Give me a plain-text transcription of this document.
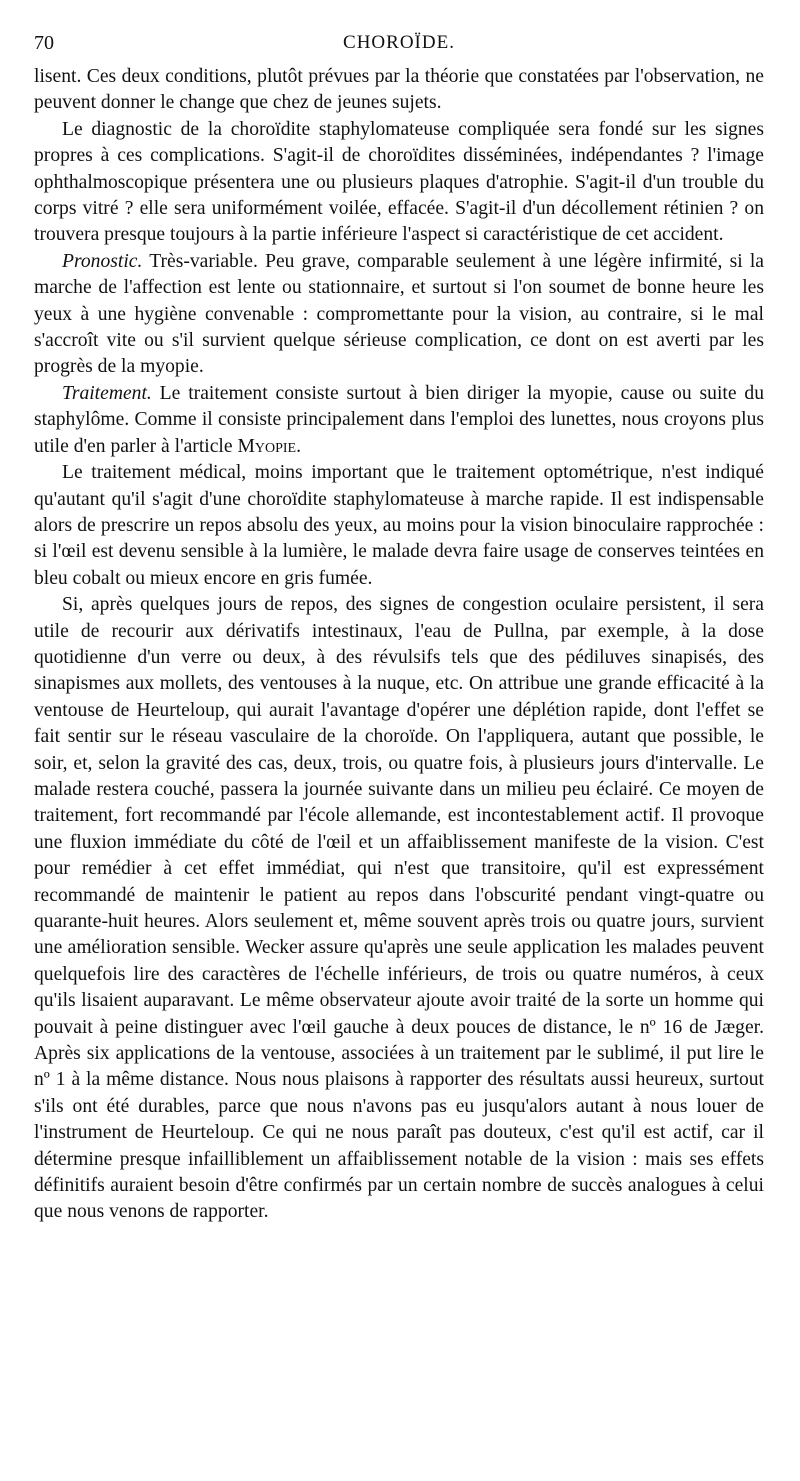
70	CHOROÏDE.

lisent. Ces deux conditions, plutôt prévues par la théorie que constatées par l'observation, ne peuvent donner le change que chez de jeunes sujets.

Le diagnostic de la choroïdite staphylomateuse compliquée sera fondé sur les signes propres à ces complications. S'agit-il de choroïdites disséminées, indépendantes ? l'image ophthalmoscopique présentera une ou plusieurs plaques d'atrophie. S'agit-il d'un trouble du corps vitré ? elle sera uniformément voilée, effacée. S'agit-il d'un décollement rétinien ? on trouvera presque toujours à la partie inférieure l'aspect si caractéristique de cet accident.

Pronostic. Très-variable. Peu grave, comparable seulement à une légère infirmité, si la marche de l'affection est lente ou stationnaire, et surtout si l'on soumet de bonne heure les yeux à une hygiène convenable : compromettante pour la vision, au contraire, si le mal s'accroît vite ou s'il survient quelque sérieuse complication, ce dont on est averti par les progrès de la myopie.

Traitement. Le traitement consiste surtout à bien diriger la myopie, cause ou suite du staphylôme. Comme il consiste principalement dans l'emploi des lunettes, nous croyons plus utile d'en parler à l'article Myopie.

Le traitement médical, moins important que le traitement optométrique, n'est indiqué qu'autant qu'il s'agit d'une choroïdite staphylomateuse à marche rapide. Il est indispensable alors de prescrire un repos absolu des yeux, au moins pour la vision binoculaire rapprochée : si l'œil est devenu sensible à la lumière, le malade devra faire usage de conserves teintées en bleu cobalt ou mieux encore en gris fumée.

Si, après quelques jours de repos, des signes de congestion oculaire persistent, il sera utile de recourir aux dérivatifs intestinaux, l'eau de Pullna, par exemple, à la dose quotidienne d'un verre ou deux, à des révulsifs tels que des pédiluves sinapisés, des sinapismes aux mollets, des ventouses à la nuque, etc. On attribue une grande efficacité à la ventouse de Heurteloup, qui aurait l'avantage d'opérer une déplétion rapide, dont l'effet se fait sentir sur le réseau vasculaire de la choroïde. On l'appliquera, autant que possible, le soir, et, selon la gravité des cas, deux, trois, ou quatre fois, à plusieurs jours d'intervalle. Le malade restera couché, passera la journée suivante dans un milieu peu éclairé. Ce moyen de traitement, fort recommandé par l'école allemande, est incontestablement actif. Il provoque une fluxion immédiate du côté de l'œil et un affaiblissement manifeste de la vision. C'est pour remédier à cet effet immédiat, qui n'est que transitoire, qu'il est expressément recommandé de maintenir le patient au repos dans l'obscurité pendant vingt-quatre ou quarante-huit heures. Alors seulement et, même souvent après trois ou quatre jours, survient une amélioration sensible. Wecker assure qu'après une seule application les malades peuvent quelquefois lire des caractères de l'échelle inférieurs, de trois ou quatre numéros, à ceux qu'ils lisaient auparavant. Le même observateur ajoute avoir traité de la sorte un homme qui pouvait à peine distinguer avec l'œil gauche à deux pouces de distance, le nº 16 de Jæger. Après six applications de la ventouse, associées à un traitement par le sublimé, il put lire le nº 1 à la même distance. Nous nous plaisons à rapporter des résultats aussi heureux, surtout s'ils ont été durables, parce que nous n'avons pas eu jusqu'alors autant à nous louer de l'instrument de Heurteloup. Ce qui ne nous paraît pas douteux, c'est qu'il est actif, car il détermine presque infailliblement un affaiblissement notable de la vision : mais ses effets définitifs auraient besoin d'être confirmés par un certain nombre de succès analogues à celui que nous venons de rapporter.
